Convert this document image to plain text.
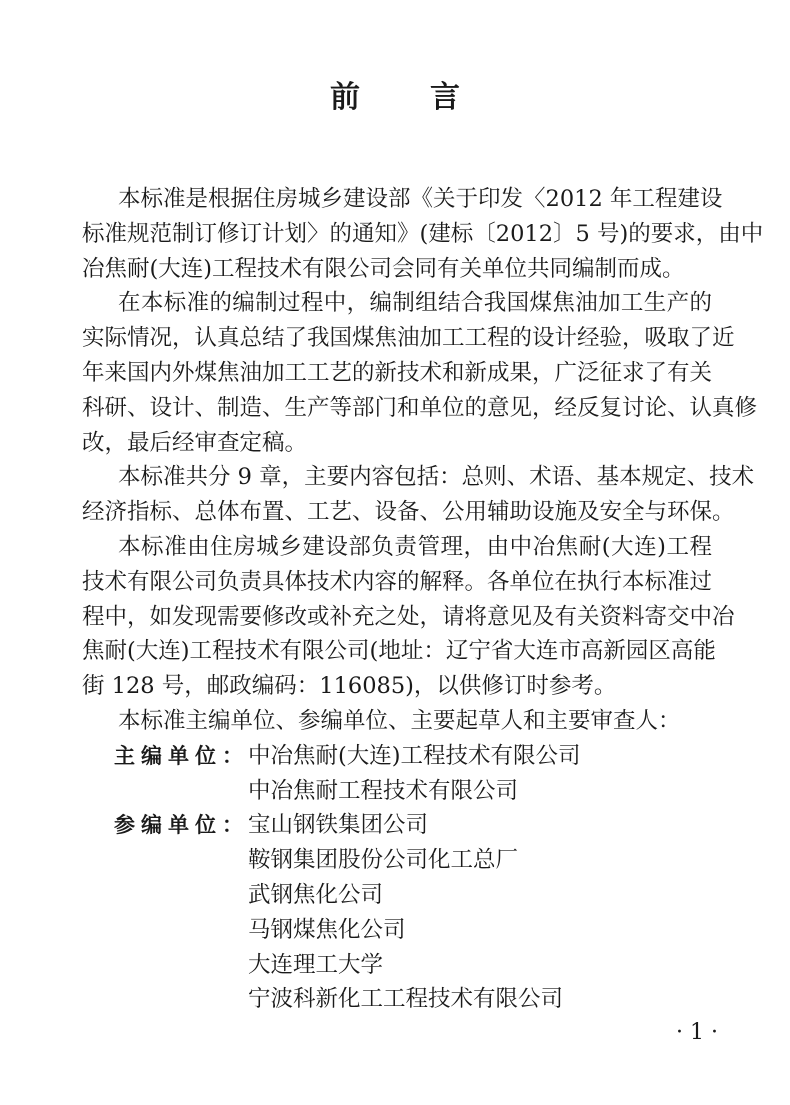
前言
本标准是根据住房城乡建设部《关于印发〈2012 年工程建设
标准规范制订修订计划〉的通知》(建标〔2012〕5 号)的要求，由中
冶焦耐(大连)工程技术有限公司会同有关单位共同编制而成。
在本标准的编制过程中，编制组结合我国煤焦油加工生产的
实际情况，认真总结了我国煤焦油加工工程的设计经验，吸取了近
年来国内外煤焦油加工工艺的新技术和新成果，广泛征求了有关
科研、设计、制造、生产等部门和单位的意见，经反复讨论、认真修
改，最后经审查定稿。
本标准共分 9 章，主要内容包括：总则、术语、基本规定、技术
经济指标、总体布置、工艺、设备、公用辅助设施及安全与环保。
本标准由住房城乡建设部负责管理，由中冶焦耐(大连)工程
技术有限公司负责具体技术内容的解释。各单位在执行本标准过
程中，如发现需要修改或补充之处，请将意见及有关资料寄交中冶
焦耐(大连)工程技术有限公司(地址：辽宁省大连市高新园区高能
街 128 号，邮政编码：116085)，以供修订时参考。
本标准主编单位、参编单位、主要起草人和主要审查人：
主编单位： 中冶焦耐(大连)工程技术有限公司
中冶焦耐工程技术有限公司
参编单位： 宝山钢铁集团公司
鞍钢集团股份公司化工总厂
武钢焦化公司
马钢煤焦化公司
大连理工大学
宁波科新化工工程技术有限公司
· 1 ·
